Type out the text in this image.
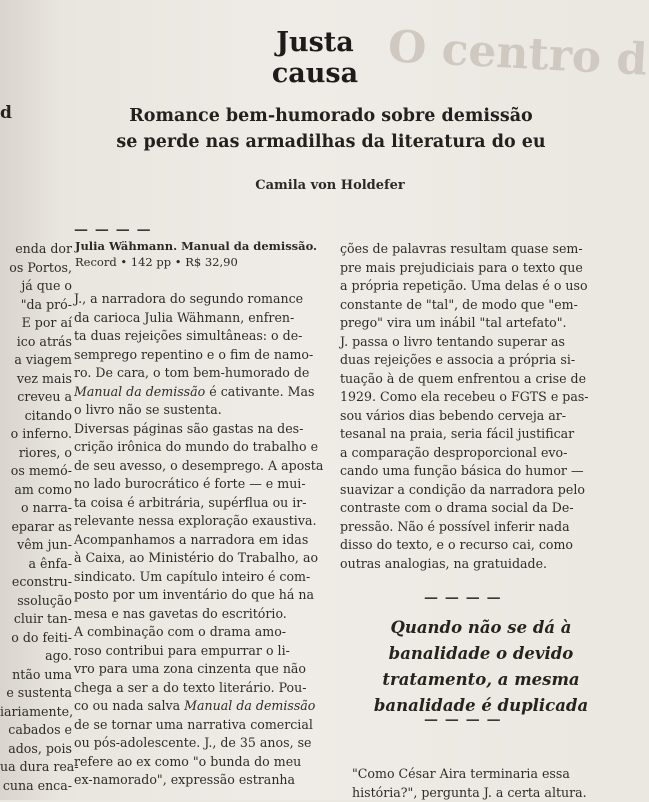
O centro d
d
Justa
causa
Romance bem-humorado sobre demissão
se perde nas armadilhas da literatura do eu
Camila von Holdefer
— — — —
Julia Wähmann. Manual da demissão.
Record • 142 pp • R$ 32,90
enda dor
os Portos,
já que o
"da pró-
E por aí
ico atrás
a viagem
vez mais
creveu a
citando
o inferno.
riores, o
os memó-
am como
o narra-
eparar as
vêm jun-
a ênfa-
econstru-
ssolução
cluir tan-
o do feiti-
ago.
ntão uma
e sustenta
iariamente,
cabados e
ados, pois
ua dura rea-
cuna enca-
J., a narradora do segundo romance
da carioca Julia Wähmann, enfren-
ta duas rejeições simultâneas: o de-
semprego repentino e o fim de namo-
ro. De cara, o tom bem-humorado de
Manual da demissão é cativante. Mas
o livro não se sustenta.
Diversas páginas são gastas na des-
crição irônica do mundo do trabalho e
de seu avesso, o desemprego. A aposta
no lado burocrático é forte — e mui-
ta coisa é arbitrária, supérflua ou ir-
relevante nessa exploração exaustiva.
Acompanhamos a narradora em idas
à Caixa, ao Ministério do Trabalho, ao
sindicato. Um capítulo inteiro é com-
posto por um inventário do que há na
mesa e nas gavetas do escritório.
A combinação com o drama amo-
roso contribui para empurrar o li-
vro para uma zona cinzenta que não
chega a ser a do texto literário. Pou-
co ou nada salva Manual da demissão
de se tornar uma narrativa comercial
ou pós-adolescente. J., de 35 anos, se
refere ao ex como "o bunda do meu
ex-namorado", expressão estranha
ções de palavras resultam quase sem-
pre mais prejudiciais para o texto que
a própria repetição. Uma delas é o uso
constante de "tal", de modo que "em-
prego" vira um inábil "tal artefato".
J. passa o livro tentando superar as
duas rejeições e associa a própria si-
tuação à de quem enfrentou a crise de
1929. Como ela recebeu o FGTS e pas-
sou vários dias bebendo cerveja ar-
tesanal na praia, seria fácil justificar
a comparação desproporcional evo-
cando uma função básica do humor —
suavizar a condição da narradora pelo
contraste com o drama social da De-
pressão. Não é possível inferir nada
disso do texto, e o recurso cai, como
outras analogias, na gratuidade.
— — — —
Quando não se dá à
banalidade o devido
tratamento, a mesma
banalidade é duplicada
— — — —
"Como César Aira terminaria essa
história?", pergunta J. a certa altura.
